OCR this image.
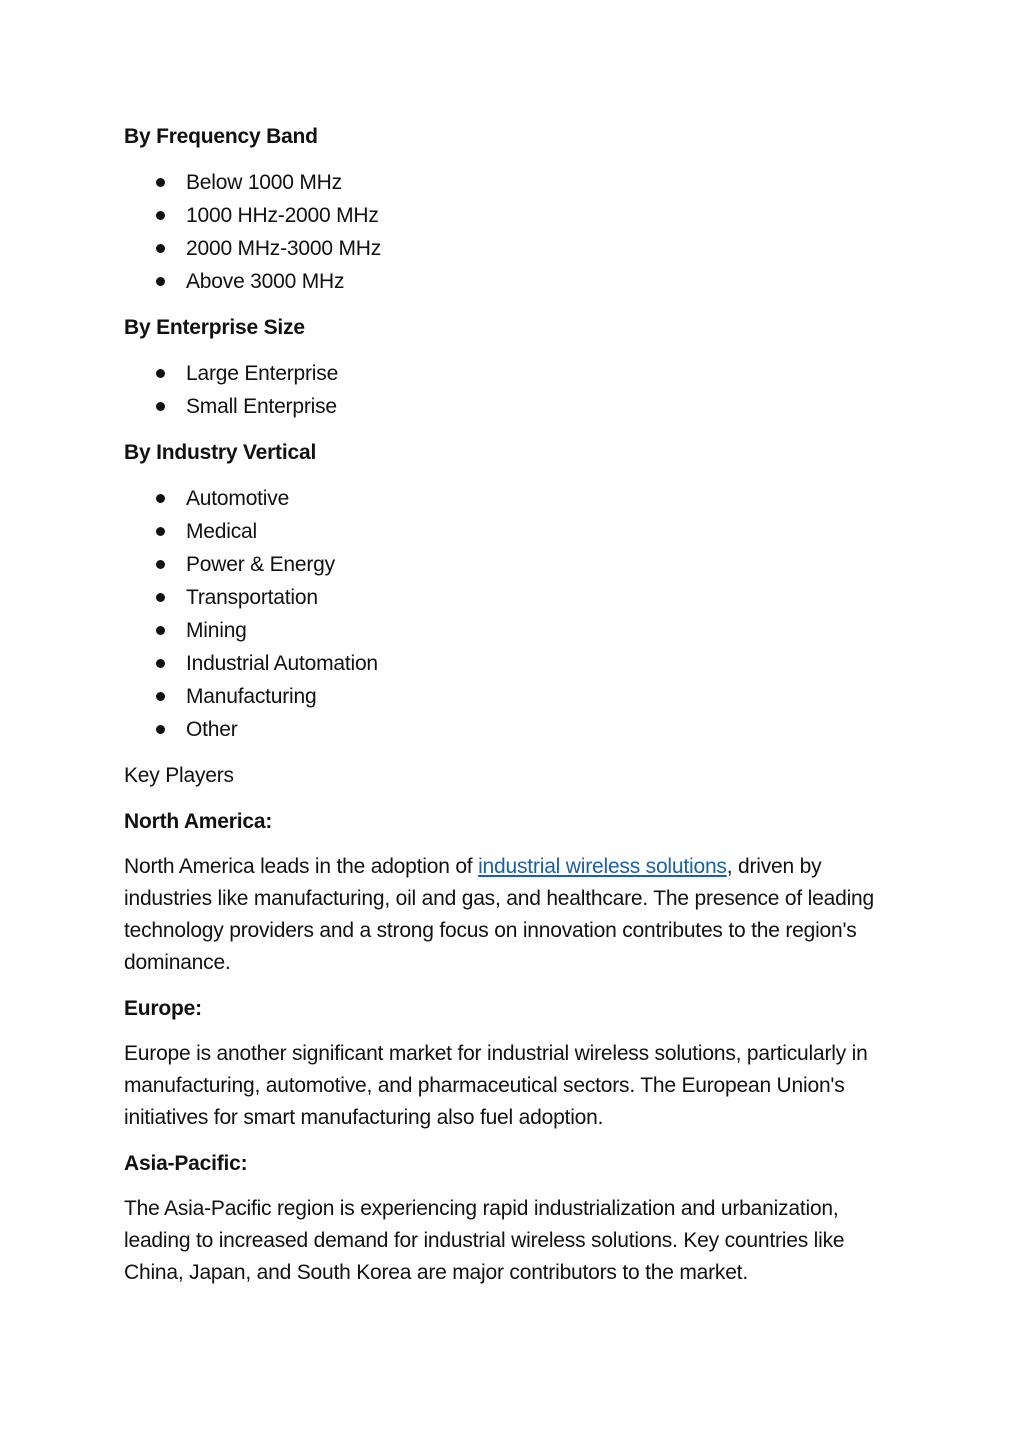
By Frequency Band
Below 1000 MHz
1000 HHz-2000 MHz
2000 MHz-3000 MHz
Above 3000 MHz
By Enterprise Size
Large Enterprise
Small Enterprise
By Industry Vertical
Automotive
Medical
Power & Energy
Transportation
Mining
Industrial Automation
Manufacturing
Other
Key Players
North America:
North America leads in the adoption of industrial wireless solutions, driven by industries like manufacturing, oil and gas, and healthcare. The presence of leading technology providers and a strong focus on innovation contributes to the region's dominance.
Europe:
Europe is another significant market for industrial wireless solutions, particularly in manufacturing, automotive, and pharmaceutical sectors. The European Union's initiatives for smart manufacturing also fuel adoption.
Asia-Pacific:
The Asia-Pacific region is experiencing rapid industrialization and urbanization, leading to increased demand for industrial wireless solutions. Key countries like China, Japan, and South Korea are major contributors to the market.
